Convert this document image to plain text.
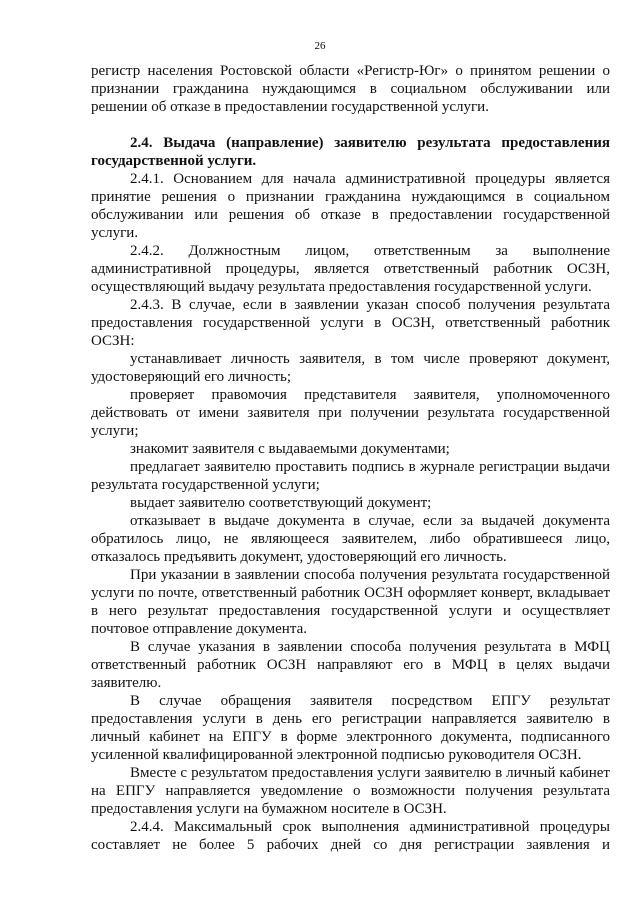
26

регистр населения Ростовской области «Регистр-Юг» о принятом решении о признании гражданина нуждающимся в социальном обслуживании или решении об отказе в предоставлении государственной услуги.

2.4. Выдача (направление) заявителю результата предоставления государственной услуги.

2.4.1. Основанием для начала административной процедуры является принятие решения о признании гражданина нуждающимся в социальном обслуживании или решения об отказе в предоставлении государственной услуги.

2.4.2. Должностным лицом, ответственным за выполнение административной процедуры, является ответственный работник ОСЗН, осуществляющий выдачу результата предоставления государственной услуги.

2.4.3. В случае, если в заявлении указан способ получения результата предоставления государственной услуги в ОСЗН, ответственный работник ОСЗН:

устанавливает личность заявителя, в том числе проверяют документ, удостоверяющий его личность;

проверяет правомочия представителя заявителя, уполномоченного действовать от имени заявителя при получении результата государственной услуги;

знакомит заявителя с выдаваемыми документами;

предлагает заявителю проставить подпись в журнале регистрации выдачи результата государственной услуги;

выдает заявителю соответствующий документ;

отказывает в выдаче документа в случае, если за выдачей документа обратилось лицо, не являющееся заявителем, либо обратившееся лицо, отказалось предъявить документ, удостоверяющий его личность.

При указании в заявлении способа получения результата государственной услуги по почте, ответственный работник ОСЗН оформляет конверт, вкладывает в него результат предоставления государственной услуги и осуществляет почтовое отправление документа.

В случае указания в заявлении способа получения результата в МФЦ ответственный работник ОСЗН направляют его в МФЦ в целях выдачи заявителю.

В случае обращения заявителя посредством ЕПГУ результат предоставления услуги в день его регистрации направляется заявителю в личный кабинет на ЕПГУ в форме электронного документа, подписанного усиленной квалифицированной электронной подписью руководителя ОСЗН.

Вместе с результатом предоставления услуги заявителю в личный кабинет на ЕПГУ направляется уведомление о возможности получения результата предоставления услуги на бумажном носителе в ОСЗН.

2.4.4. Максимальный срок выполнения административной процедуры составляет не более 5 рабочих дней со дня регистрации заявления и
